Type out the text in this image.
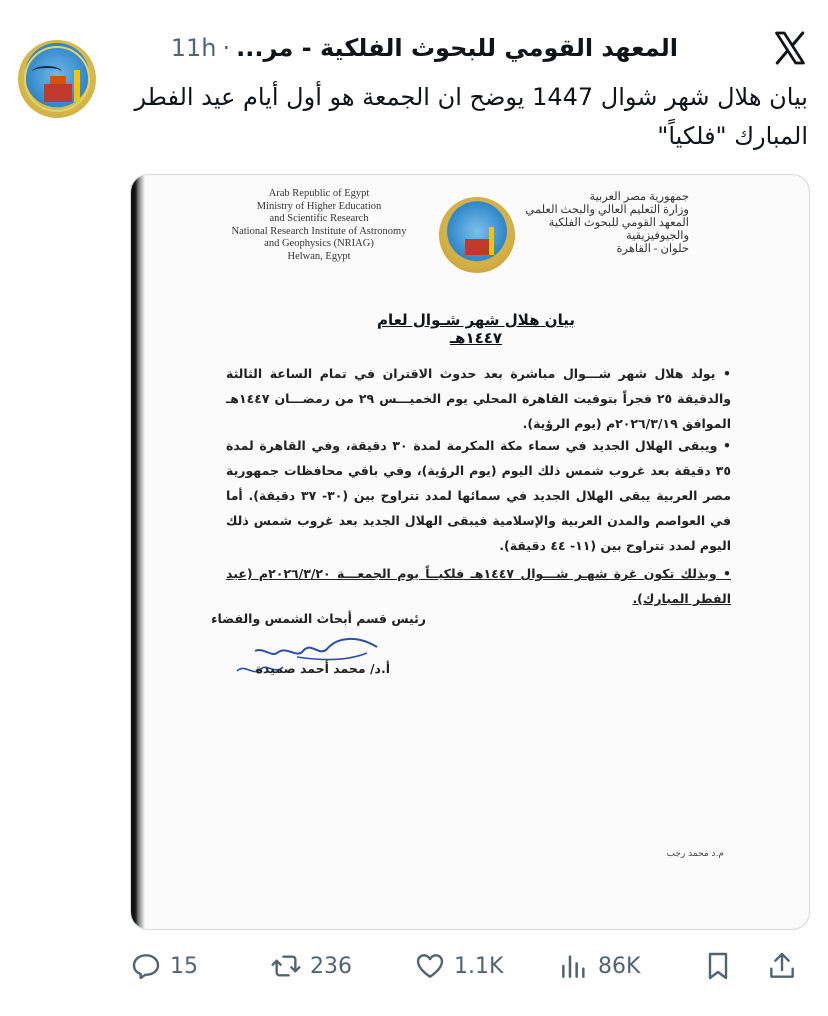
المعهد القومي للبحوث الفلكية - مر...
·
11h
بيان هلال شهر شوال 1447 يوضح ان الجمعة هو أول أيام عيد الفطر المبارك "فلكياً"
Arab Republic of Egypt
Ministry of Higher Education
and Scientific Research
National Research Institute of Astronomy
and Geophysics (NRIAG)
Helwan, Egypt
جمهورية مصر العربية
وزارة التعليم العالي والبحث العلمي
المعهد القومي للبحوث الفلكية والجيوفيزيقية
حلوان - القاهرة
بيان هلال شهر شـوال لعام ١٤٤٧هـ
• يولد هلال شهر شـــوال مباشرة بعد حدوث الاقتران في تمام الساعة الثالثة والدقيقة ٢٥ فجراً بتوقيت القاهرة المحلي يوم الخميـــس ٢٩ من رمضـــان ١٤٤٧هـ الموافق ٢٠٢٦/٣/١٩م (يوم الرؤية).
• ويبقى الهلال الجديد في سماء مكة المكرمة لمدة ٣٠ دقيقة، وفي القاهرة لمدة ٣٥ دقيقة بعد غروب شمس ذلك اليوم (يوم الرؤية)، وفي باقي محافظات جمهورية مصر العربية يبقى الهلال الجديد في سمائها لمدد تتراوح بين (٣٠- ٣٧ دقيقة). أما في العواصم والمدن العربية والإسلامية فيبقى الهلال الجديد بعد غروب شمس ذلك اليوم لمدد تتراوح بين (١١- ٤٤ دقيقة).
• وبذلك تكون غرة شهـر شـــوال ١٤٤٧هـ فلكيــاً يوم الجمعـــة ٢٠٢٦/٣/٢٠م (عيد الفطر المبارك).
رئيس قسم أبحاث الشمس والفضاء
أ.د/ محمد أحمد صميدة
م.د محمد رجب
15	236	1.1K	86K
